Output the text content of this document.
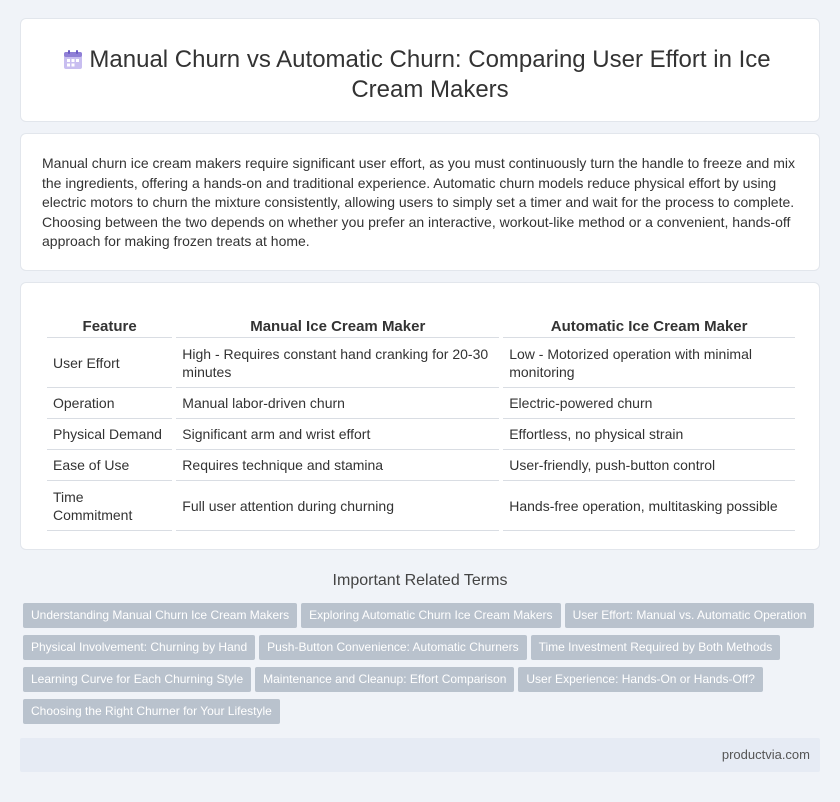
Manual Churn vs Automatic Churn: Comparing User Effort in Ice Cream Makers

Manual churn ice cream makers require significant user effort, as you must continuously turn the handle to freeze and mix the ingredients, offering a hands-on and traditional experience. Automatic churn models reduce physical effort by using electric motors to churn the mixture consistently, allowing users to simply set a timer and wait for the process to complete. Choosing between the two depends on whether you prefer an interactive, workout-like method or a convenient, hands-off approach for making frozen treats at home.

Feature	Manual Ice Cream Maker	Automatic Ice Cream Maker
User Effort	High - Requires constant hand cranking for 20-30 minutes	Low - Motorized operation with minimal monitoring
Operation	Manual labor-driven churn	Electric-powered churn
Physical Demand	Significant arm and wrist effort	Effortless, no physical strain
Ease of Use	Requires technique and stamina	User-friendly, push-button control
Time Commitment	Full user attention during churning	Hands-free operation, multitasking possible
Important Related Terms
Understanding Manual Churn Ice Cream Makers Exploring Automatic Churn Ice Cream Makers User Effort: Manual vs. Automatic Operation
Physical Involvement: Churning by Hand Push-Button Convenience: Automatic Churners Time Investment Required by Both Methods
Learning Curve for Each Churning Style Maintenance and Cleanup: Effort Comparison User Experience: Hands-On or Hands-Off?
Choosing the Right Churner for Your Lifestyle
productvia.com
